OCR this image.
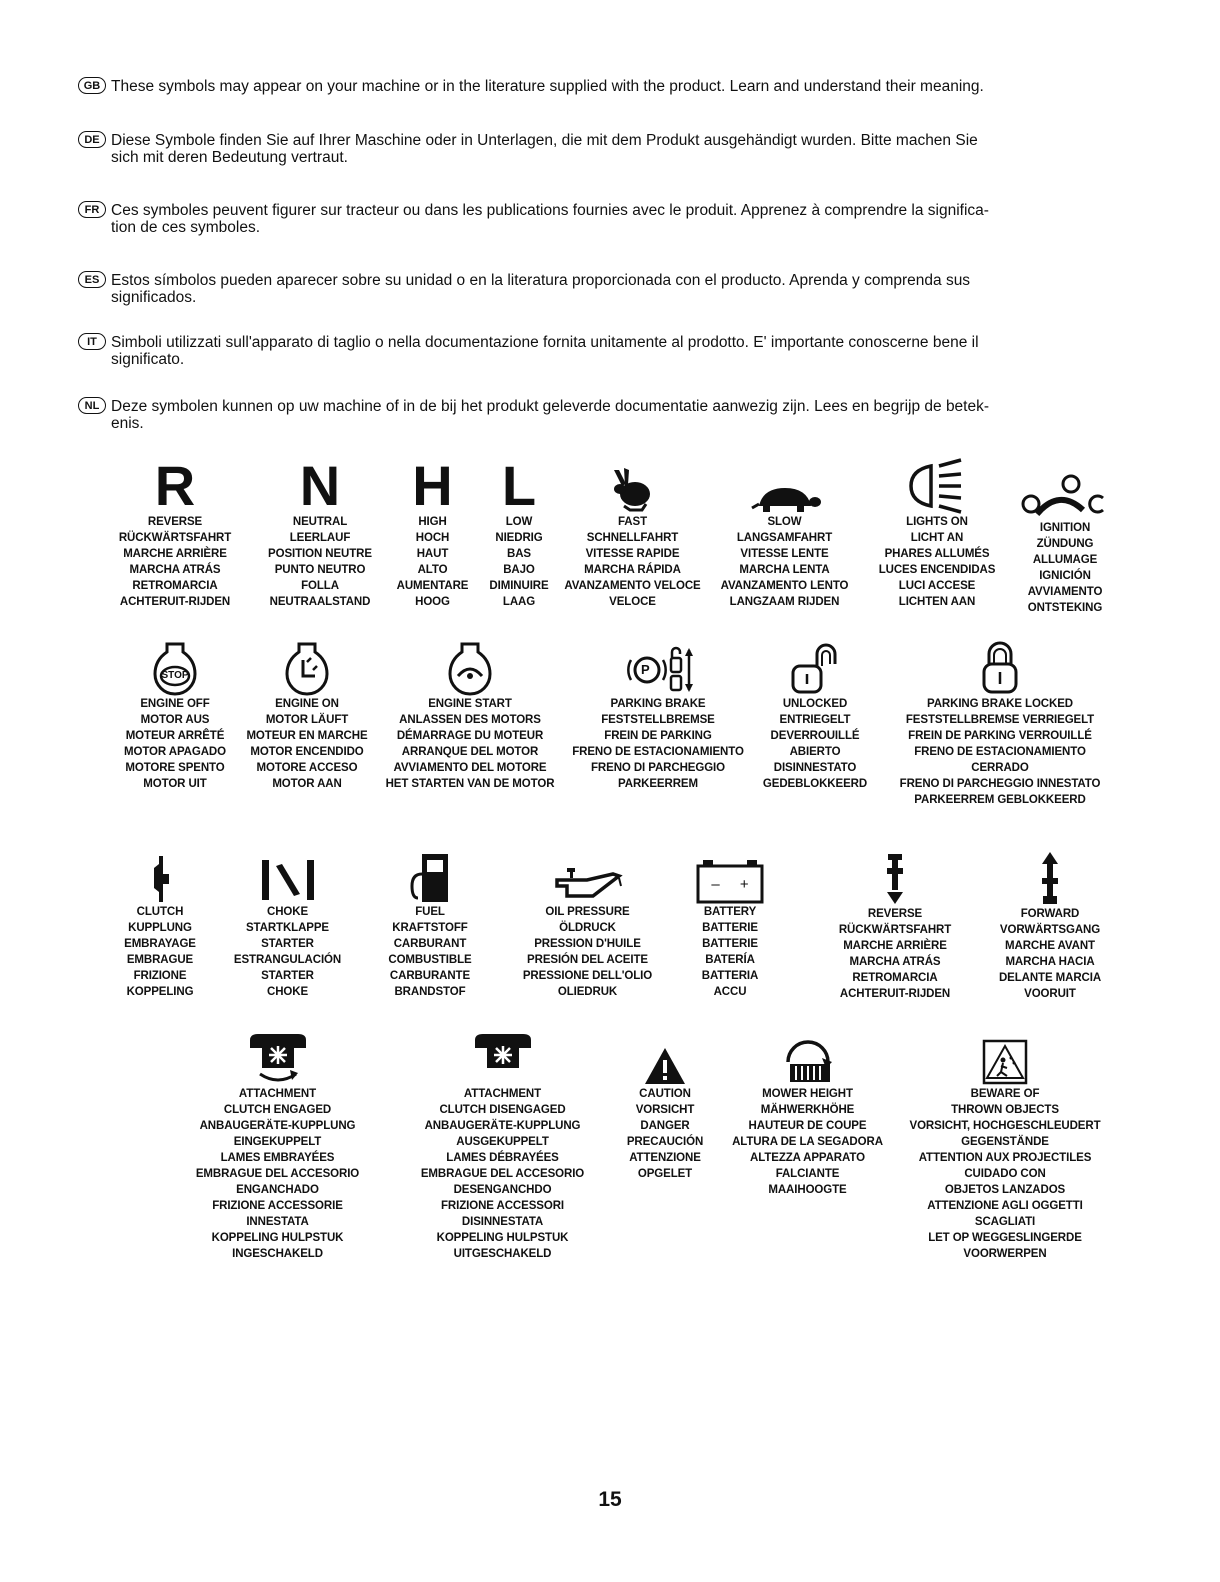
GB These symbols may appear on your machine or in the literature supplied with the product. Learn and understand their meaning.
DE Diese Symbole finden Sie auf Ihrer Maschine oder in Unterlagen, die mit dem Produkt ausgehändigt wurden. Bitte machen Sie
sich mit deren Bedeutung vertraut.
FR Ces symboles peuvent figurer sur tracteur ou dans les publications fournies avec le produit. Apprenez à comprendre la significa-
tion de ces symboles.
ES Estos símbolos pueden aparecer sobre su unidad o en la literatura proporcionada con el producto. Aprenda y comprenda sus
significados.
IT Simboli utilizzati sull'apparato di taglio o nella documentazione fornita unitamente al prodotto. E' importante conoscerne bene il
significato.
NL Deze symbolen kunnen op uw machine of in de bij het produkt geleverde documentatie aanwezig zijn. Lees en begrijp de betek-
enis.
R
REVERSE
RÜCKWÄRTSFAHRT
MARCHE ARRIÈRE
MARCHA ATRÁS
RETROMARCIA
ACHTERUIT-RIJDEN
N
NEUTRAL
LEERLAUF
POSITION NEUTRE
PUNTO NEUTRO
FOLLA
NEUTRAALSTAND
H
HIGH
HOCH
HAUT
ALTO
AUMENTARE
HOOG
L
LOW
NIEDRIG
BAS
BAJO
DIMINUIRE
LAAG
FAST
SCHNELLFAHRT
VITESSE RAPIDE
MARCHA RÁPIDA
AVANZAMENTO VELOCE
VELOCE
SLOW
LANGSAMFAHRT
VITESSE LENTE
MARCHA LENTA
AVANZAMENTO LENTO
LANGZAAM RIJDEN
LIGHTS ON
LICHT AN
PHARES ALLUMÉS
LUCES ENCENDIDAS
LUCI ACCESE
LICHTEN AAN
IGNITION
ZÜNDUNG
ALLUMAGE
IGNICIÓN
AVVIAMENTO
ONTSTEKING
STOP
ENGINE OFF
MOTOR AUS
MOTEUR ARRÊTÉ
MOTOR APAGADO
MOTORE SPENTO
MOTOR UIT
ENGINE ON
MOTOR LÄUFT
MOTEUR EN MARCHE
MOTOR ENCENDIDO
MOTORE ACCESO
MOTOR AAN
ENGINE START
ANLASSEN DES MOTORS
DÉMARRAGE DU MOTEUR
ARRANQUE DEL MOTOR
AVVIAMENTO DEL MOTORE
HET STARTEN VAN DE MOTOR
P
PARKING BRAKE
FESTSTELLBREMSE
FREIN DE PARKING
FRENO DE ESTACIONAMIENTO
FRENO DI PARCHEGGIO
PARKEERREM
UNLOCKED
ENTRIEGELT
DEVERROUILLÉ
ABIERTO
DISINNESTATO
GEDEBLOKKEERD
PARKING BRAKE LOCKED
FESTSTELLBREMSE VERRIEGELT
FREIN DE PARKING VERROUILLÉ
FRENO DE ESTACIONAMIENTO
CERRADO
FRENO DI PARCHEGGIO INNESTATO
PARKEERREM GEBLOKKEERD
CLUTCH
KUPPLUNG
EMBRAYAGE
EMBRAGUE
FRIZIONE
KOPPELING
CHOKE
STARTKLAPPE
STARTER
ESTRANGULACIÓN
STARTER
CHOKE
FUEL
KRAFTSTOFF
CARBURANT
COMBUSTIBLE
CARBURANTE
BRANDSTOF
OIL PRESSURE
ÖLDRUCK
PRESSION D'HUILE
PRESIÓN DEL ACEITE
PRESSIONE DELL'OLIO
OLIEDRUK
– +
BATTERY
BATTERIE
BATTERIE
BATERÍA
BATTERIA
ACCU
REVERSE
RÜCKWÄRTSFAHRT
MARCHE ARRIÈRE
MARCHA ATRÁS
RETROMARCIA
ACHTERUIT-RIJDEN
FORWARD
VORWÄRTSGANG
MARCHE AVANT
MARCHA HACIA
DELANTE MARCIA
VOORUIT
ATTACHMENT
CLUTCH ENGAGED
ANBAUGERÄTE-KUPPLUNG
EINGEKUPPELT
LAMES EMBRAYÉES
EMBRAGUE DEL ACCESORIO
ENGANCHADO
FRIZIONE ACCESSORIE
INNESTATA
KOPPELING HULPSTUK
INGESCHAKELD
ATTACHMENT
CLUTCH DISENGAGED
ANBAUGERÄTE-KUPPLUNG
AUSGEKUPPELT
LAMES DÉBRAYÉES
EMBRAGUE DEL ACCESORIO
DESENGANCHDO
FRIZIONE ACCESSORI
DISINNESTATA
KOPPELING HULPSTUK
UITGESCHAKELD
CAUTION
VORSICHT
DANGER
PRECAUCIÓN
ATTENZIONE
OPGELET
MOWER HEIGHT
MÄHWERKHÖHE
HAUTEUR DE COUPE
ALTURA DE LA SEGADORA
ALTEZZA APPARATO
FALCIANTE
MAAIHOOGTE
BEWARE OF
THROWN OBJECTS
VORSICHT, HOCHGESCHLEUDERT
GEGENSTÄNDE
ATTENTION AUX PROJECTILES
CUIDADO CON
OBJETOS LANZADOS
ATTENZIONE AGLI OGGETTI
SCAGLIATI
LET OP WEGGESLINGERDE
VOORWERPEN
15
